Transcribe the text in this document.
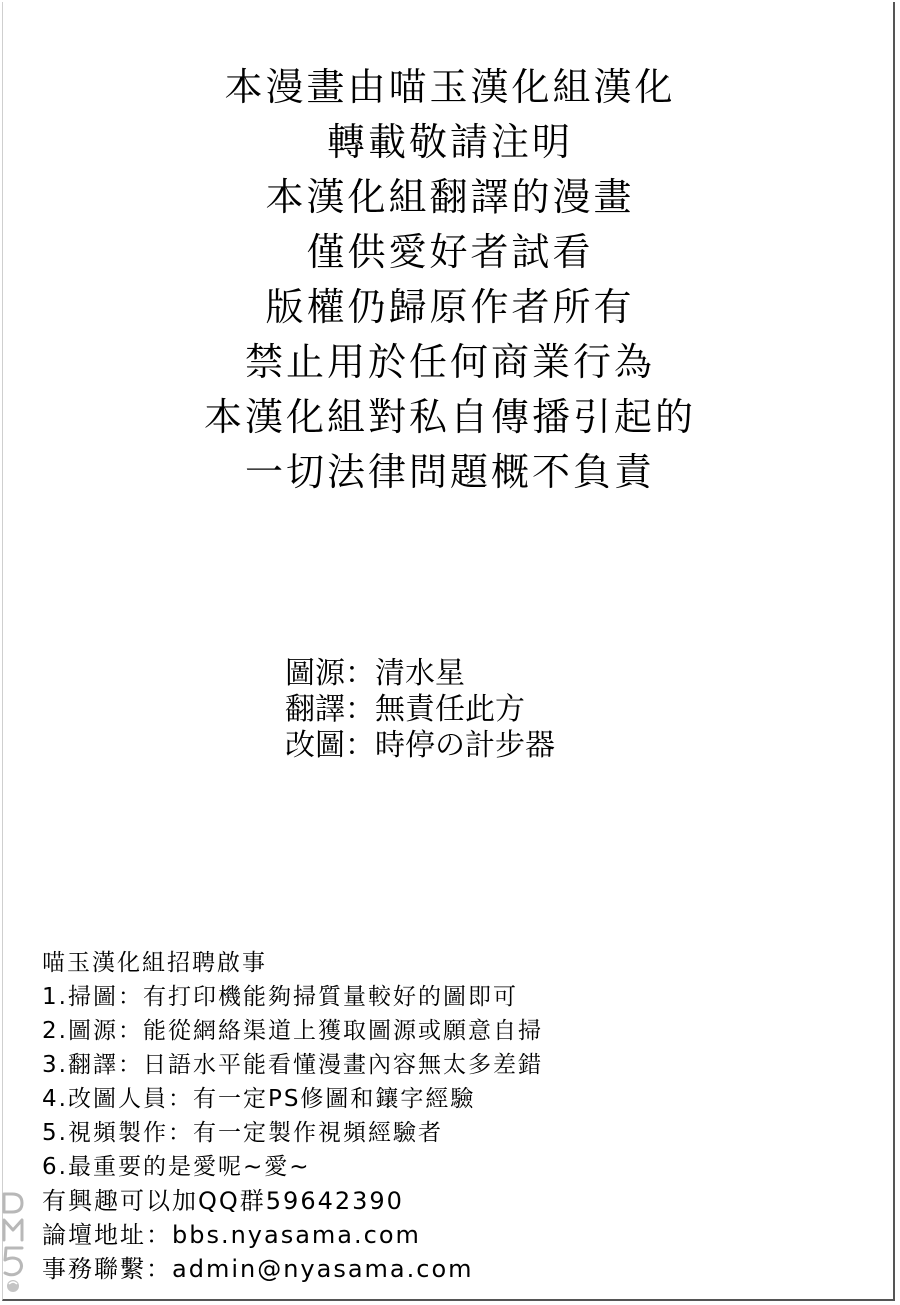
本漫畫由喵玉漢化組漢化
轉載敬請注明
本漢化組翻譯的漫畫
僅供愛好者試看
版權仍歸原作者所有
禁止用於任何商業行為
本漢化組對私自傳播引起的
一切法律問題概不負責
圖源：清水星
翻譯：無責任此方
改圖：時停の計步器
喵玉漢化組招聘啟事
1.掃圖：有打印機能夠掃質量較好的圖即可
2.圖源：能從網絡渠道上獲取圖源或願意自掃
3.翻譯：日語水平能看懂漫畫內容無太多差錯
4.改圖人員：有一定PS修圖和鑲字經驗
5.視頻製作：有一定製作視頻經驗者
6.最重要的是愛呢~愛~
有興趣可以加QQ群59642390
論壇地址：bbs.nyasama.com
事務聯繫：admin@nyasama.com
